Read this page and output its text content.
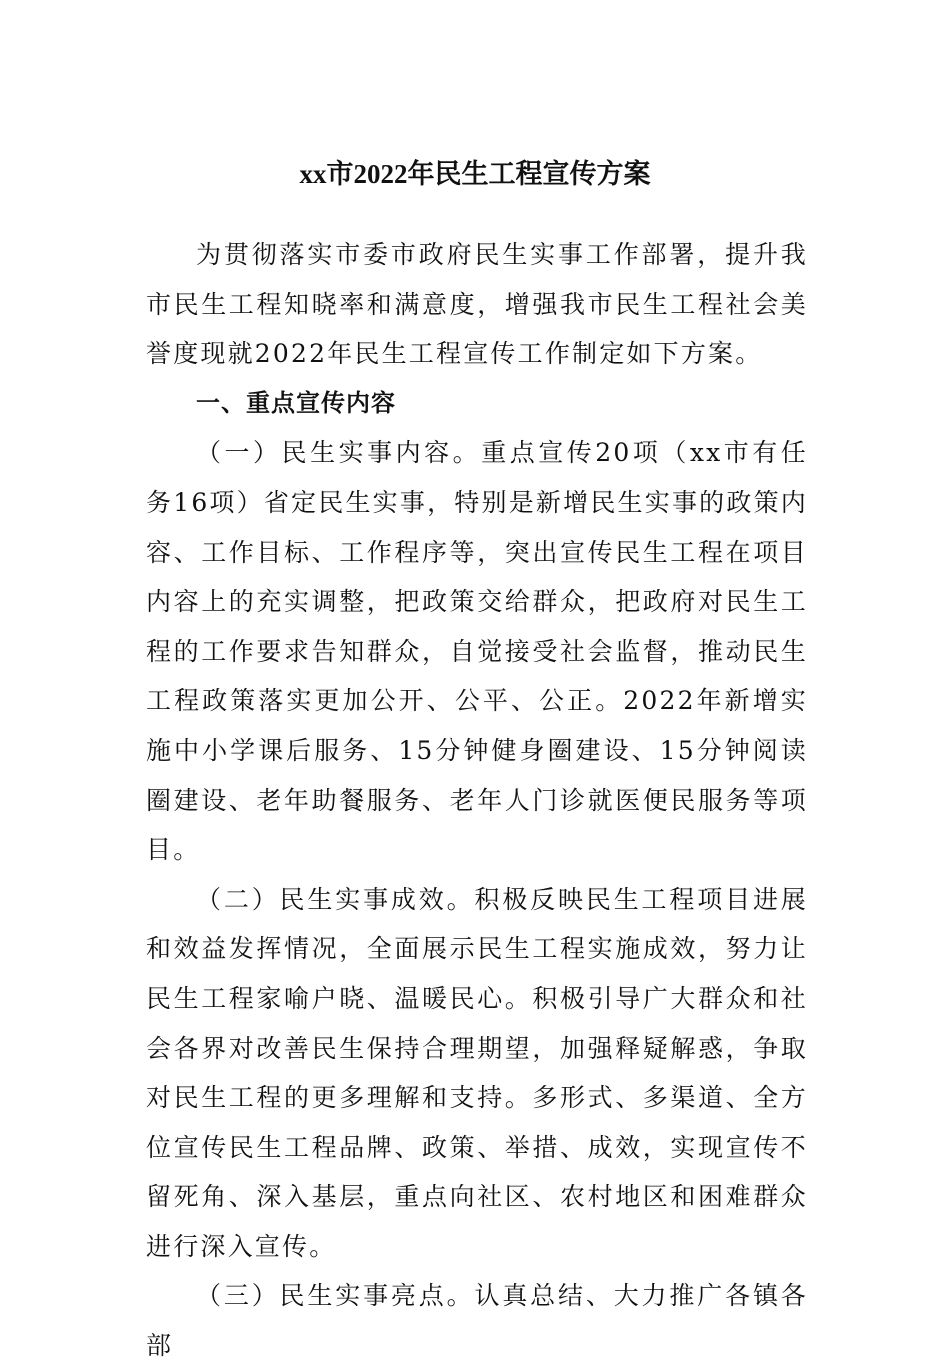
xx市2022年民生工程宣传方案

为贯彻落实市委市政府民生实事工作部署，提升我市民生工程知晓率和满意度，增强我市民生工程社会美誉度现就2022年民生工程宣传工作制定如下方案。

一、重点宣传内容

（一）民生实事内容。重点宣传20项（xx市有任务16项）省定民生实事，特别是新增民生实事的政策内容、工作目标、工作程序等，突出宣传民生工程在项目内容上的充实调整，把政策交给群众，把政府对民生工程的工作要求告知群众，自觉接受社会监督，推动民生工程政策落实更加公开、公平、公正。2022年新增实施中小学课后服务、15分钟健身圈建设、15分钟阅读圈建设、老年助餐服务、老年人门诊就医便民服务等项目。

（二）民生实事成效。积极反映民生工程项目进展和效益发挥情况，全面展示民生工程实施成效，努力让民生工程家喻户晓、温暖民心。积极引导广大群众和社会各界对改善民生保持合理期望，加强释疑解惑，争取对民生工程的更多理解和支持。多形式、多渠道、全方位宣传民生工程品牌、政策、举措、成效，实现宣传不留死角、深入基层，重点向社区、农村地区和困难群众进行深入宣传。

（三）民生实事亮点。认真总结、大力推广各镇各部
